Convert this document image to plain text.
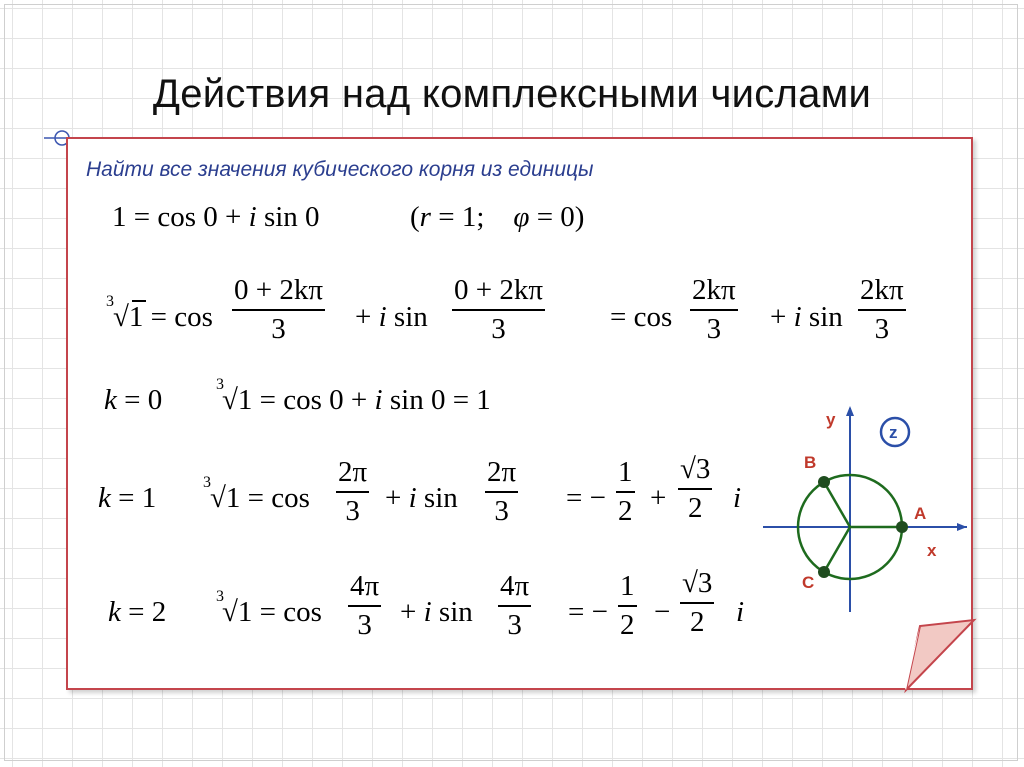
Действия над комплексными числами
Найти все значения кубического корня из единицы
1 = cos 0 + i sin 0	(r = 1; φ = 0)
3 √1 = cos
0 + 2kπ
3	+ i sin
0 + 2kπ
3	= cos
2kπ
3	+ i sin
2kπ
3
k = 0	3
√1 = cos 0 + i sin 0 = 1
k = 1	3 √1 = cos
2π
3 + i sin
2π
3	= −
1
2 +
√3
2	i
k = 2	3
√1 = cos
4π
3 + i sin
4π
3	= −
1
2 −
√3
2	i
y
x
z
A
B
C
